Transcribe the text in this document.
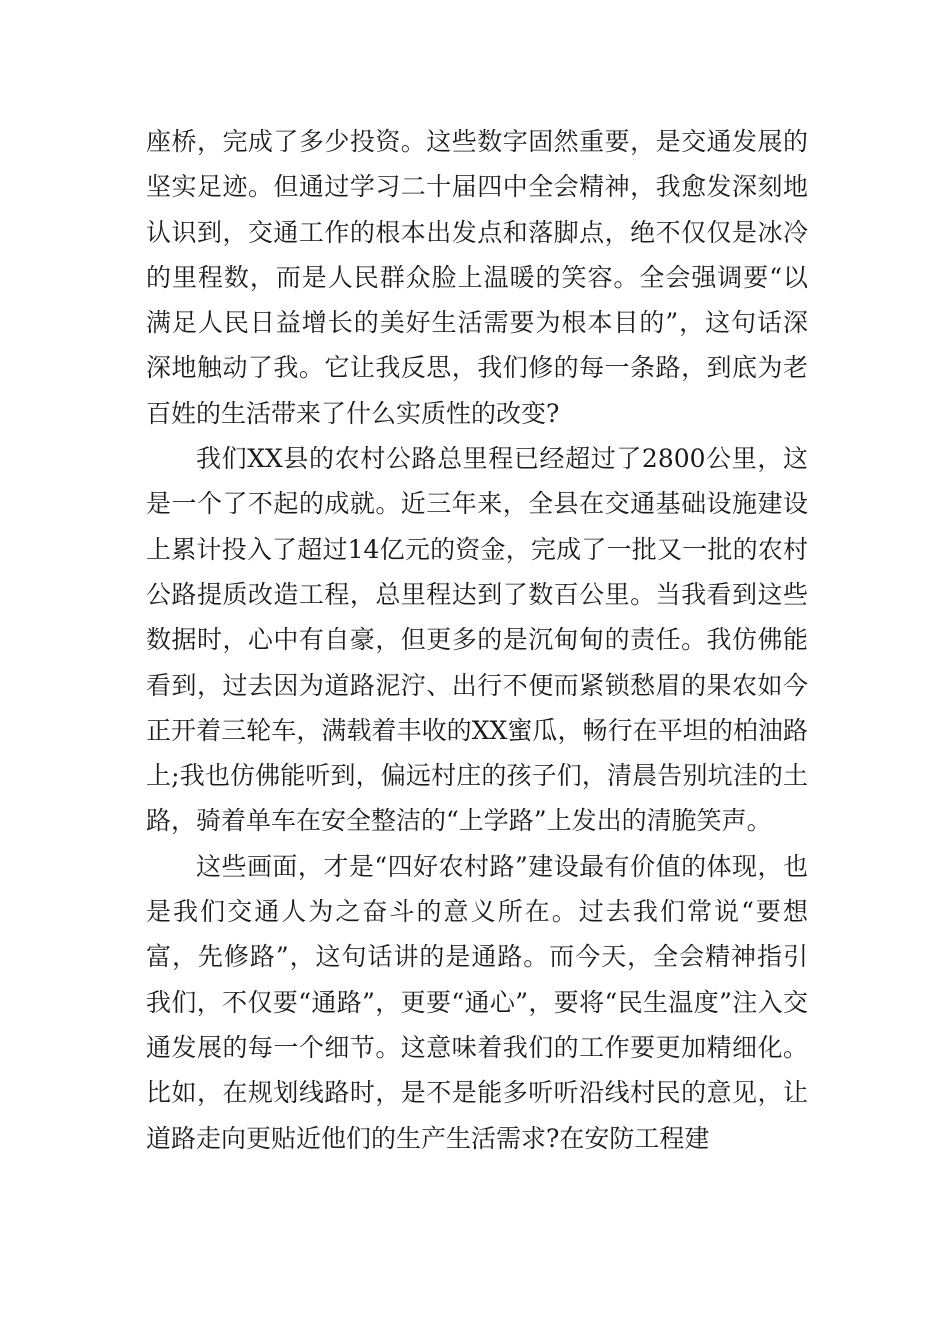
座桥，完成了多少投资。这些数字固然重要，是交通发展的坚实足迹。但通过学习二十届四中全会精神，我愈发深刻地认识到，交通工作的根本出发点和落脚点，绝不仅仅是冰冷的里程数，而是人民群众脸上温暖的笑容。全会强调要“以满足人民日益增长的美好生活需要为根本目的”，这句话深深地触动了我。它让我反思，我们修的每一条路，到底为老百姓的生活带来了什么实质性的改变?

我们XX县的农村公路总里程已经超过了2800公里，这是一个了不起的成就。近三年来，全县在交通基础设施建设上累计投入了超过14亿元的资金，完成了一批又一批的农村公路提质改造工程，总里程达到了数百公里。当我看到这些数据时，心中有自豪，但更多的是沉甸甸的责任。我仿佛能看到，过去因为道路泥泞、出行不便而紧锁愁眉的果农如今正开着三轮车，满载着丰收的XX蜜瓜，畅行在平坦的柏油路上;我也仿佛能听到，偏远村庄的孩子们，清晨告别坑洼的土路，骑着单车在安全整洁的“上学路”上发出的清脆笑声。

这些画面，才是“四好农村路”建设最有价值的体现，也是我们交通人为之奋斗的意义所在。过去我们常说“要想富，先修路”，这句话讲的是通路。而今天，全会精神指引我们，不仅要“通路”，更要“通心”，要将“民生温度”注入交通发展的每一个细节。这意味着我们的工作要更加精细化。比如，在规划线路时，是不是能多听听沿线村民的意见，让道路走向更贴近他们的生产生活需求?在安防工程建
